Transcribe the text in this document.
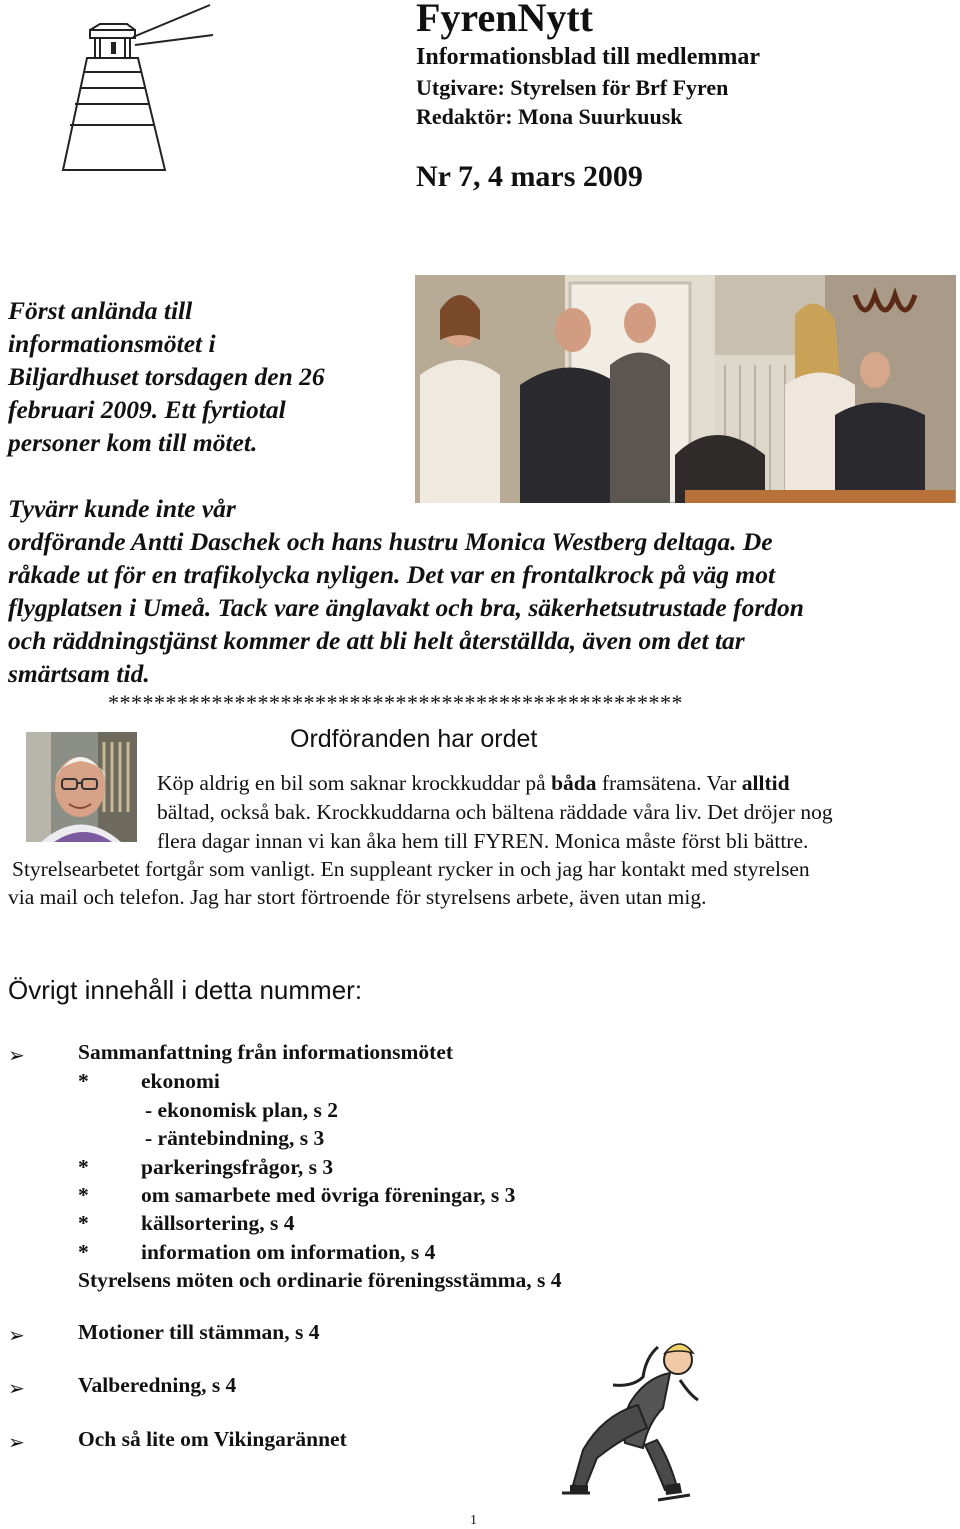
FyrenNytt
Informationsblad till medlemmar
Utgivare: Styrelsen för Brf Fyren
Redaktör: Mona Suurkuusk
Nr 7, 4 mars 2009
Först anlända till
informationsmötet i
Biljardhuset torsdagen den 26
februari 2009. Ett fyrtiotal
personer kom till mötet.
Tyvärr kunde inte vår
ordförande Antti Daschek och hans hustru Monica Westberg deltaga. De
råkade ut för en trafikolycka nyligen. Det var en frontalkrock på väg mot
flygplatsen i Umeå. Tack vare änglavakt och bra, säkerhetsutrustade fordon
och räddningstjänst kommer de att bli helt återställda, även om det tar
smärtsam tid.
**************************************************
Ordföranden har ordet
Köp aldrig en bil som saknar krockkuddar på båda framsätena. Var alltid
bältad, också bak. Krockkuddarna och bältena räddade våra liv. Det dröjer nog
flera dagar innan vi kan åka hem till FYREN. Monica måste först bli bättre.
Styrelsearbetet fortgår som vanligt. En suppleant rycker in och jag har kontakt med styrelsen
via mail och telefon. Jag har stort förtroende för styrelsens arbete, även utan mig.
Övrigt innehåll i detta nummer:
➢ Sammanfattning från informationsmötet
* ekonomi
- ekonomisk plan, s 2
- räntebindning, s 3
* parkeringsfrågor, s 3
* om samarbete med övriga föreningar, s 3
* källsortering, s 4
* information om information, s 4
Styrelsens möten och ordinarie föreningsstämma, s 4
➢ Motioner till stämman, s 4
➢ Valberedning, s 4
➢ Och så lite om Vikingarännet
1
